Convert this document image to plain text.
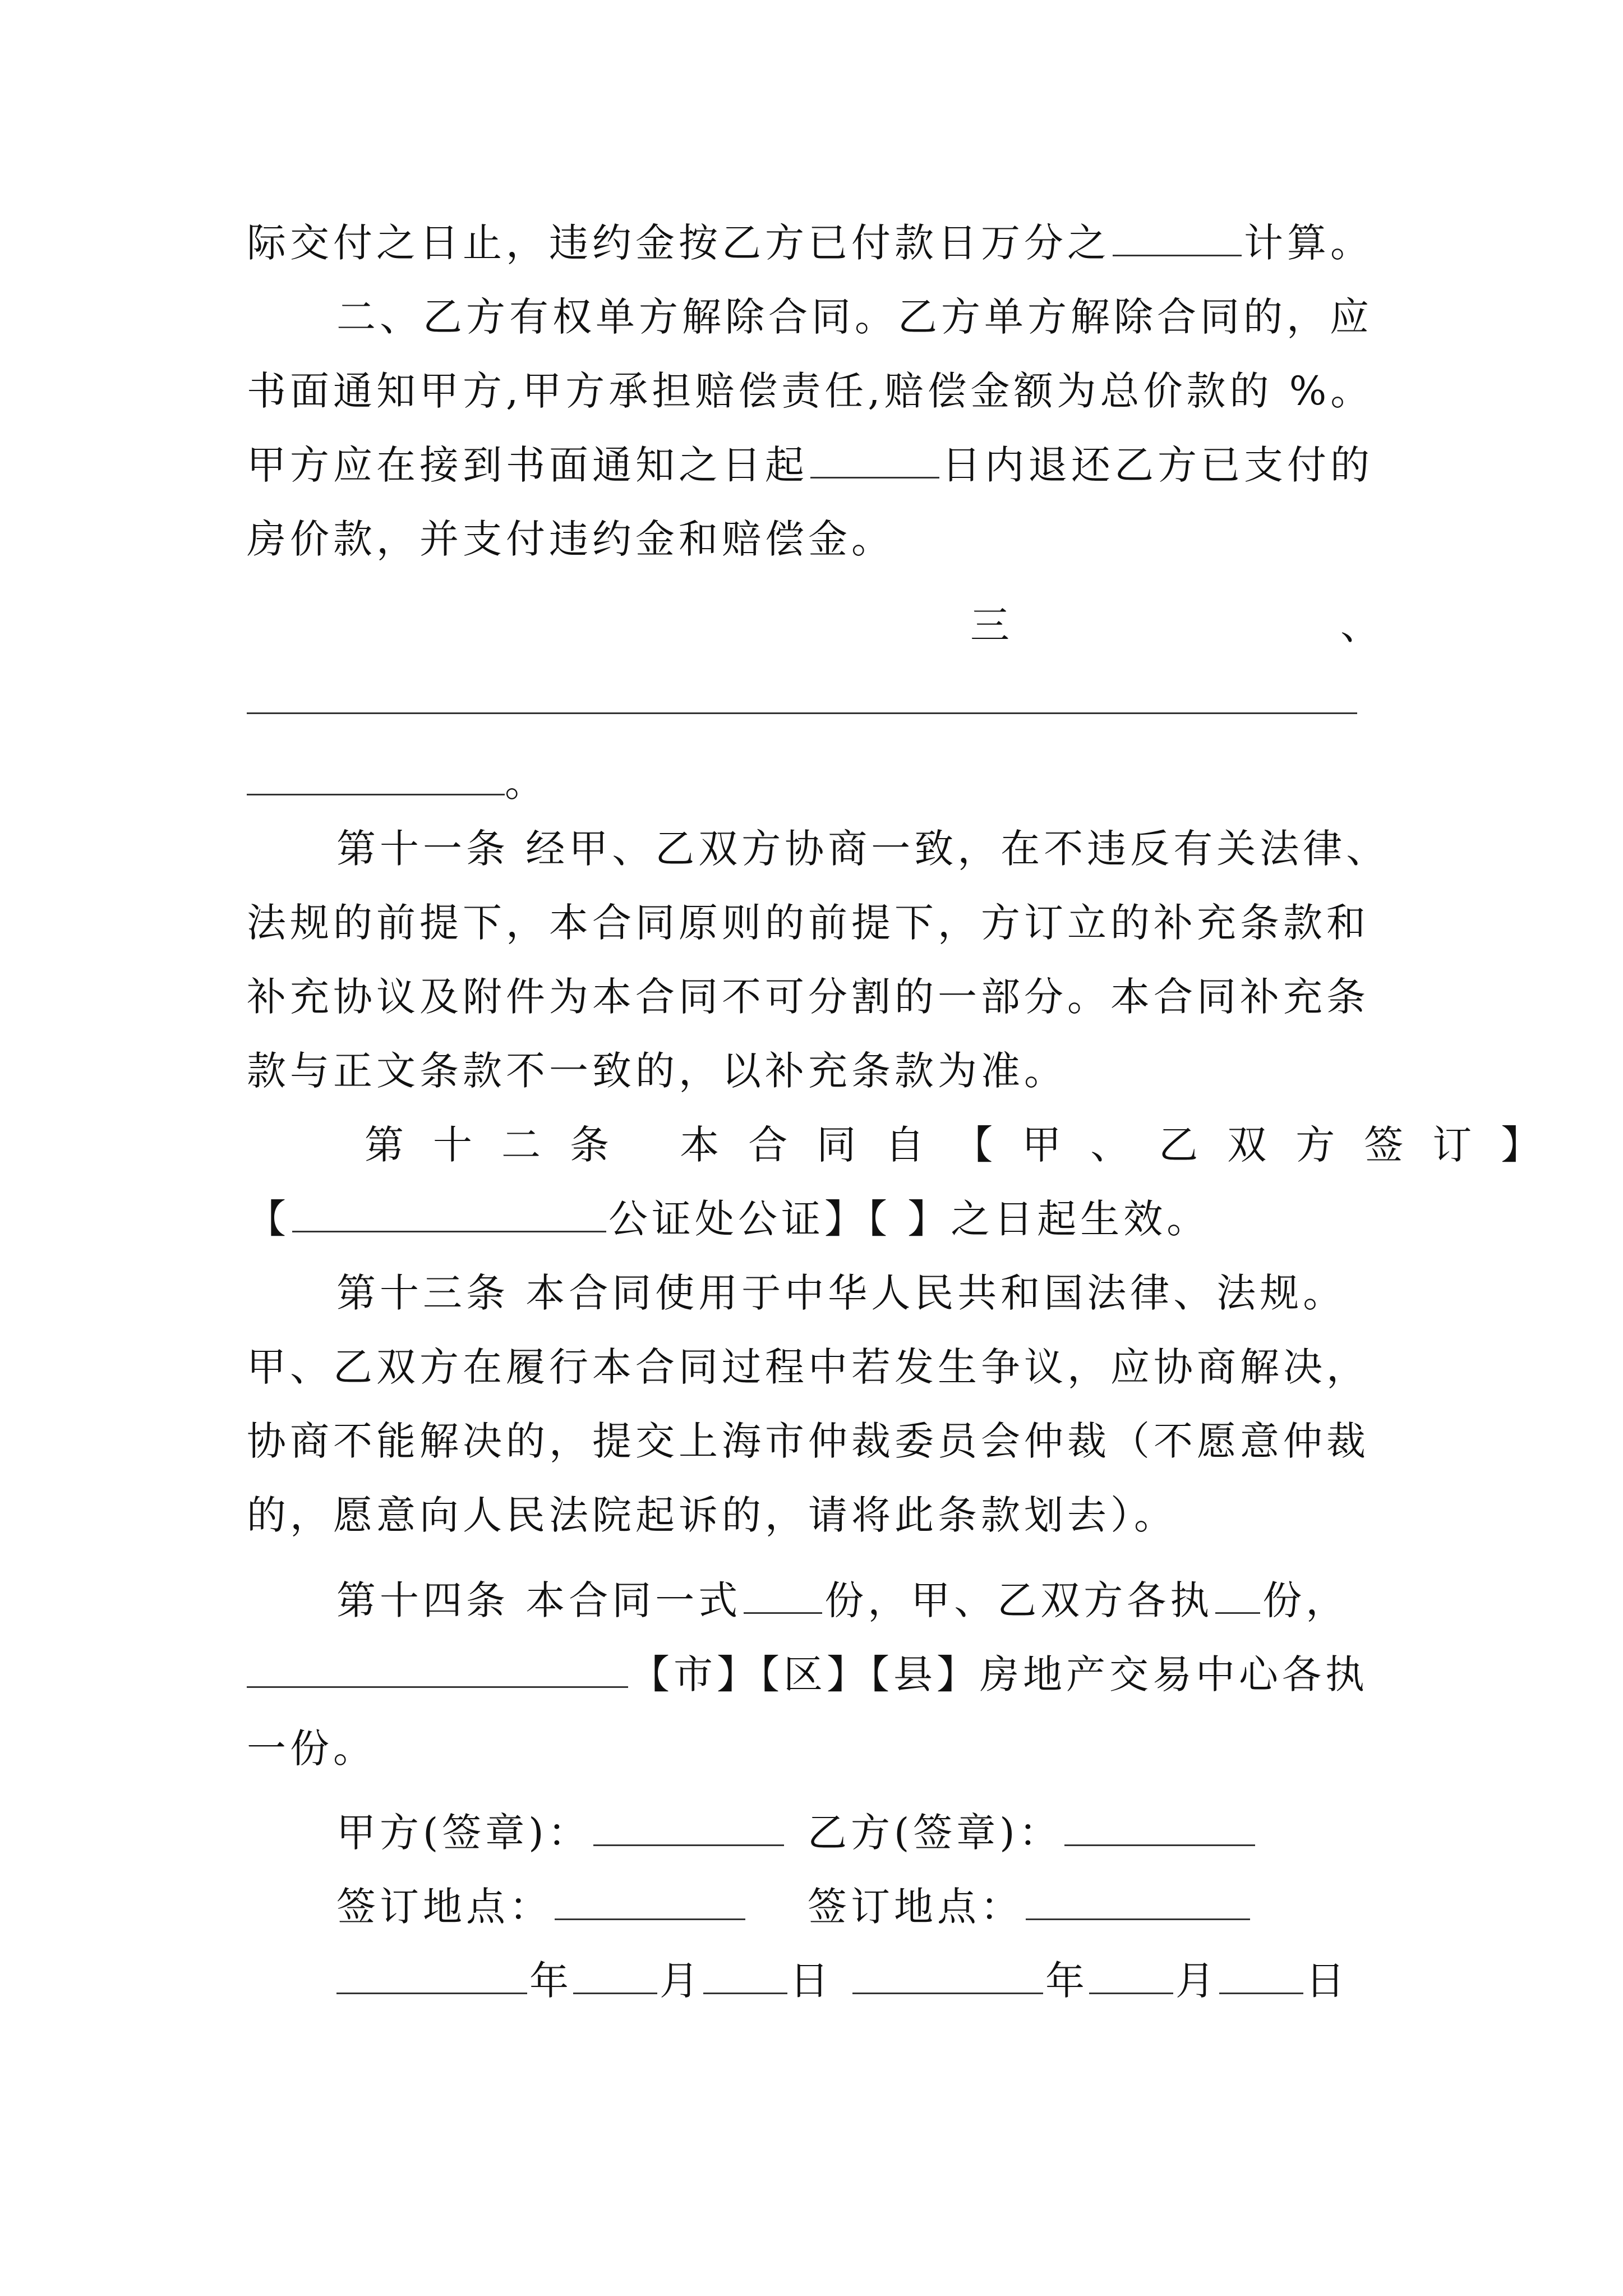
际交付之日止，违约金按乙方已付款日万分之	计算。
二、乙方有权单方解除合同。乙方单方解除合同的，应
书面通知甲方,甲方承担赔偿责任,赔偿金额为总价款的 %。
甲方应在接到书面通知之日起	日内退还乙方已支付的
房价款，并支付违约金和赔偿金。
三	、
。
第十一条 经甲、乙双方协商一致，在不违反有关法律、
法规的前提下，本合同原则的前提下，方订立的补充条款和
补充协议及附件为本合同不可分割的一部分。本合同补充条
款与正文条款不一致的，以补充条款为准。
第十二条 本合同自【甲、乙双方签订】
【	公证处公证】【 】之日起生效。
第十三条 本合同使用于中华人民共和国法律、法规。
甲、乙双方在履行本合同过程中若发生争议，应协商解决，
协商不能解决的，提交上海市仲裁委员会仲裁（不愿意仲裁
的，愿意向人民法院起诉的，请将此条款划去）。
第十四条 本合同一式 份，甲、乙双方各执 份，
【市】【区】【县】房地产交易中心各执
一份。
甲方(签章)：	乙方(签章)：
签订地点：	签订地点：
年 月 日	年 月 日
